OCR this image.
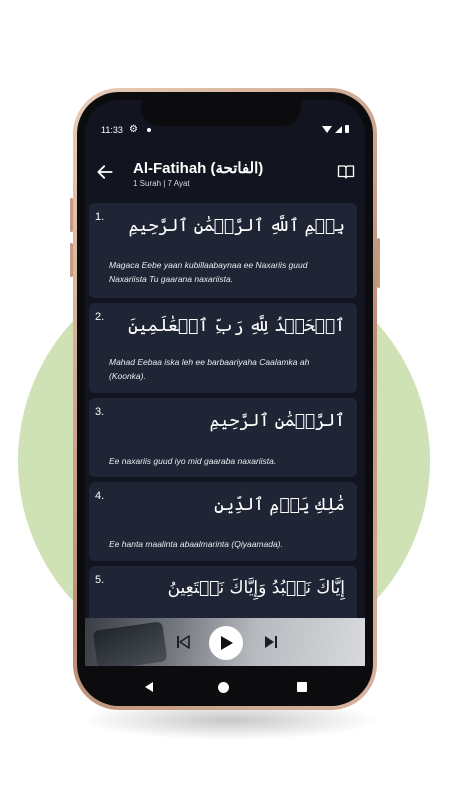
11:33 ⚙
Al-Fatihah (الفاتحة)
1 Surah | 7 Ayat
1. بِسۡمِ ٱللَّهِ ٱلرَّحۡمَٰنِ ٱلرَّحِيمِ

Magaca Eebe yaan kubillaabaynaa ee Naxariis guud Naxariista Tu gaarana naxariista.

2. ٱلۡحَمۡدُ لِلَّهِ رَبِّ ٱلۡعَٰلَمِينَ

Mahad Eebaa iska leh ee barbaariyaha Caalamka ah (Koonka).

3.	ٱلرَّحۡمَٰنِ ٱلرَّحِيمِ

Ee naxariis guud iyo mid gaaraba naxariista.

4.	مَٰلِكِ يَوۡمِ ٱلدِّينِ

Ee hanta maalinta abaalmarinta (Qiyaamada).

5.	إِيَّاكَ نَعۡبُدُ وَإِيَّاكَ نَسۡتَعِينُ
